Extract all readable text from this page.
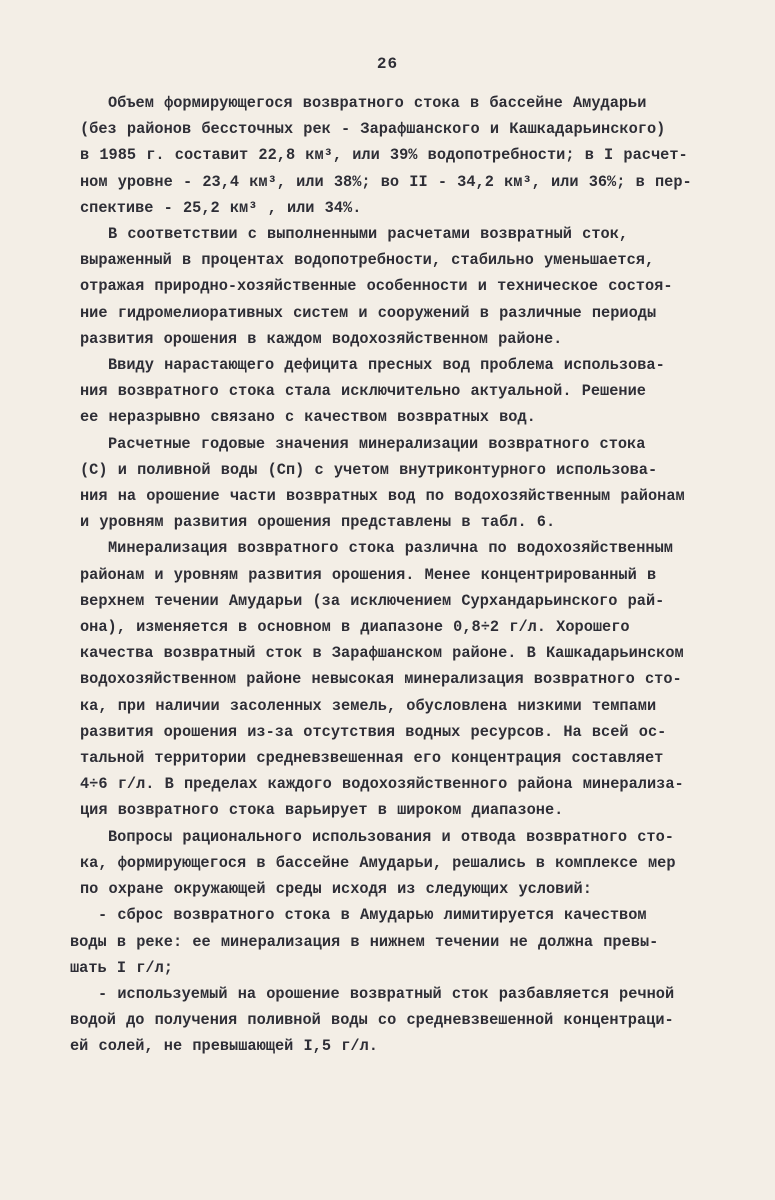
26
Объем формирующегося возвратного стока в бассейне Амударьи
(без районов бессточных рек - Зарафшанского и Кашкадарьинского)
в 1985 г. составит 22,8 км³, или 39% водопотребности; в I расчет-
ном уровне - 23,4 км³, или 38%; во II - 34,2 км³, или 36%; в пер-
спективе - 25,2 км³ , или 34%.
В соответствии с выполненными расчетами возвратный сток,
выраженный в процентах водопотребности, стабильно уменьшается,
отражая природно-хозяйственные особенности и техническое состоя-
ние гидромелиоративных систем и сооружений в различные периоды
развития орошения в каждом водохозяйственном районе.
Ввиду нарастающего дефицита пресных вод проблема использова-
ния возвратного стока стала исключительно актуальной. Решение
ее неразрывно связано с качеством возвратных вод.
Расчетные годовые значения минерализации возвратного стока
(С) и поливной воды (Сп) с учетом внутриконтурного использова-
ния на орошение части возвратных вод по водохозяйственным районам
и уровням развития орошения представлены в табл. 6.
Минерализация возвратного стока различна по водохозяйственным
районам и уровням развития орошения. Менее концентрированный в
верхнем течении Амударьи (за исключением Сурхандарьинского рай-
она), изменяется в основном в диапазоне 0,8÷2 г/л. Хорошего
качества возвратный сток в Зарафшанском районе. В Кашкадарьинском
водохозяйственном районе невысокая минерализация возвратного сто-
ка, при наличии засоленных земель, обусловлена низкими темпами
развития орошения из-за отсутствия водных ресурсов. На всей ос-
тальной территории средневзвешенная его концентрация составляет
4÷6 г/л. В пределах каждого водохозяйственного района минерализа-
ция возвратного стока варьирует в широком диапазоне.
Вопросы рационального использования и отвода возвратного сто-
ка, формирующегося в бассейне Амударьи, решались в комплексе мер
по охране окружающей среды исходя из следующих условий:
- сброс возвратного стока в Амударью лимитируется качеством
воды в реке: ее минерализация в нижнем течении не должна превы-
шать I г/л;
- используемый на орошение возвратный сток разбавляется речной
водой до получения поливной воды со средневзвешенной концентраци-
ей солей, не превышающей I,5 г/л.
